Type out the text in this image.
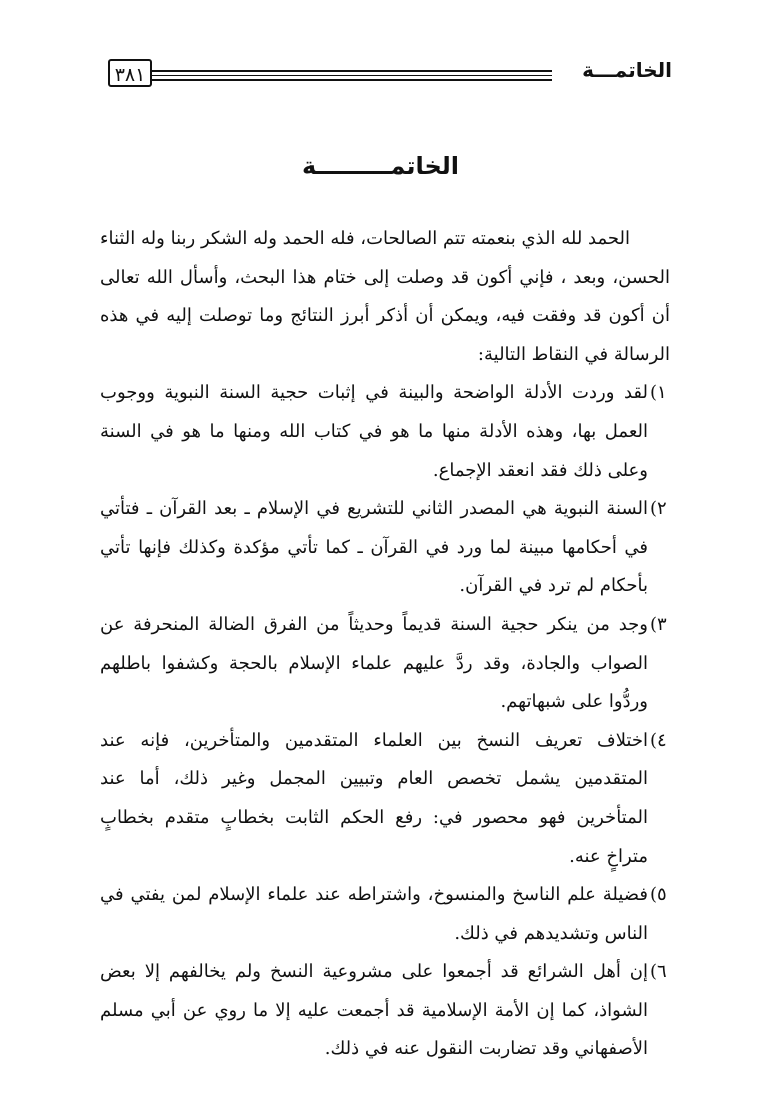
الخاتمـــة
٣٨١
الخاتمـــــــــة

الحمد لله الذي بنعمته تتم الصالحات، فله الحمد وله الشكر ربنا وله الثناء الحسن، وبعد ، فإني أكون قد وصلت إلى ختام هذا البحث، وأسأل الله تعالى أن أكون قد وفقت فيه، ويمكن أن أذكر أبرز النتائج وما توصلت إليه في هذه الرسالة في النقاط التالية:

١)
لقد وردت الأدلة الواضحة والبينة في إثبات حجية السنة النبوية ووجوب العمل بها، وهذه الأدلة منها ما هو في كتاب الله ومنها ما هو في السنة وعلى ذلك فقد انعقد الإجماع.
٢)
السنة النبوية هي المصدر الثاني للتشريع في الإسلام ـ بعد القرآن ـ فتأتي في أحكامها مبينة لما ورد في القرآن ـ كما تأتي مؤكدة وكذلك فإنها تأتي بأحكام لم ترد في القرآن.
٣)
وجد من ينكر حجية السنة قديماً وحديثاً من الفرق الضالة المنحرفة عن الصواب والجادة، وقد ردَّ عليهم علماء الإسلام بالحجة وكشفوا باطلهم وردُّوا على شبهاتهم.
٤)
اختلاف تعريف النسخ بين العلماء المتقدمين والمتأخرين، فإنه عند المتقدمين يشمل تخصص العام وتبيين المجمل وغير ذلك، أما عند المتأخرين فهو محصور في: رفع الحكم الثابت بخطابٍ متقدم بخطابٍ متراخٍ عنه.
٥)
فضيلة علم الناسخ والمنسوخ، واشتراطه عند علماء الإسلام لمن يفتي في الناس وتشديدهم في ذلك.
٦)
إن أهل الشرائع قد أجمعوا على مشروعية النسخ ولم يخالفهم إلا بعض الشواذ، كما إن الأمة الإسلامية قد أجمعت عليه إلا ما روي عن أبي مسلم الأصفهاني وقد تضاربت النقول عنه في ذلك.
